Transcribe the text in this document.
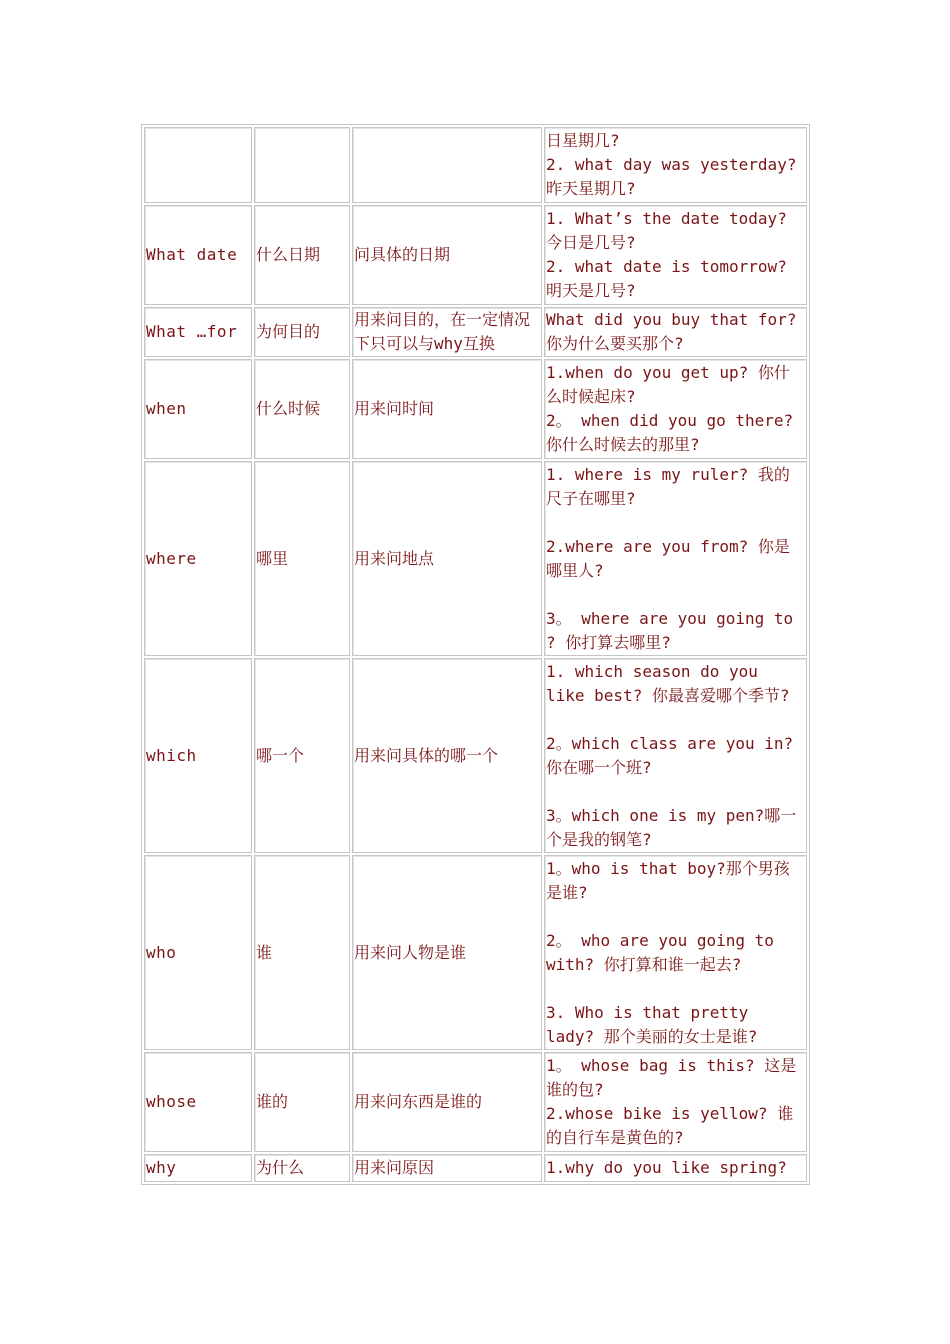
			日星期几?
2. what day was yesterday?
昨天星期几?
What date	什么日期	问具体的日期	1. What’s the date today?
今日是几号?
2. what date is tomorrow?
明天是几号?
What …for	为何目的	用来问目的，在一定情况下只可以与why互换	What did you buy that for?
你为什么要买那个?
when	什么时候	用来问时间	1.when do you get up? 你什么时候起床?
2。 when did you go there?
你什么时候去的那里?
where	哪里	用来问地点	1. where is my ruler? 我的尺子在哪里?

2.where are you from? 你是哪里人?

3。 where are you going to ? 你打算去哪里?
which	哪一个	用来问具体的哪一个	1. which season do you like best? 你最喜爱哪个季节?

2。which class are you in?
你在哪一个班?

3。which one is my pen?哪一个是我的钢笔?
who	谁	用来问人物是谁	1。who is that boy?那个男孩是谁?

2。 who are you going to with? 你打算和谁一起去?

3. Who is that pretty lady? 那个美丽的女士是谁?
whose	谁的	用来问东西是谁的	1。 whose bag is this? 这是谁的包?
2.whose bike is yellow? 谁的自行车是黄色的?
why	为什么	用来问原因	1.why do you like spring?
